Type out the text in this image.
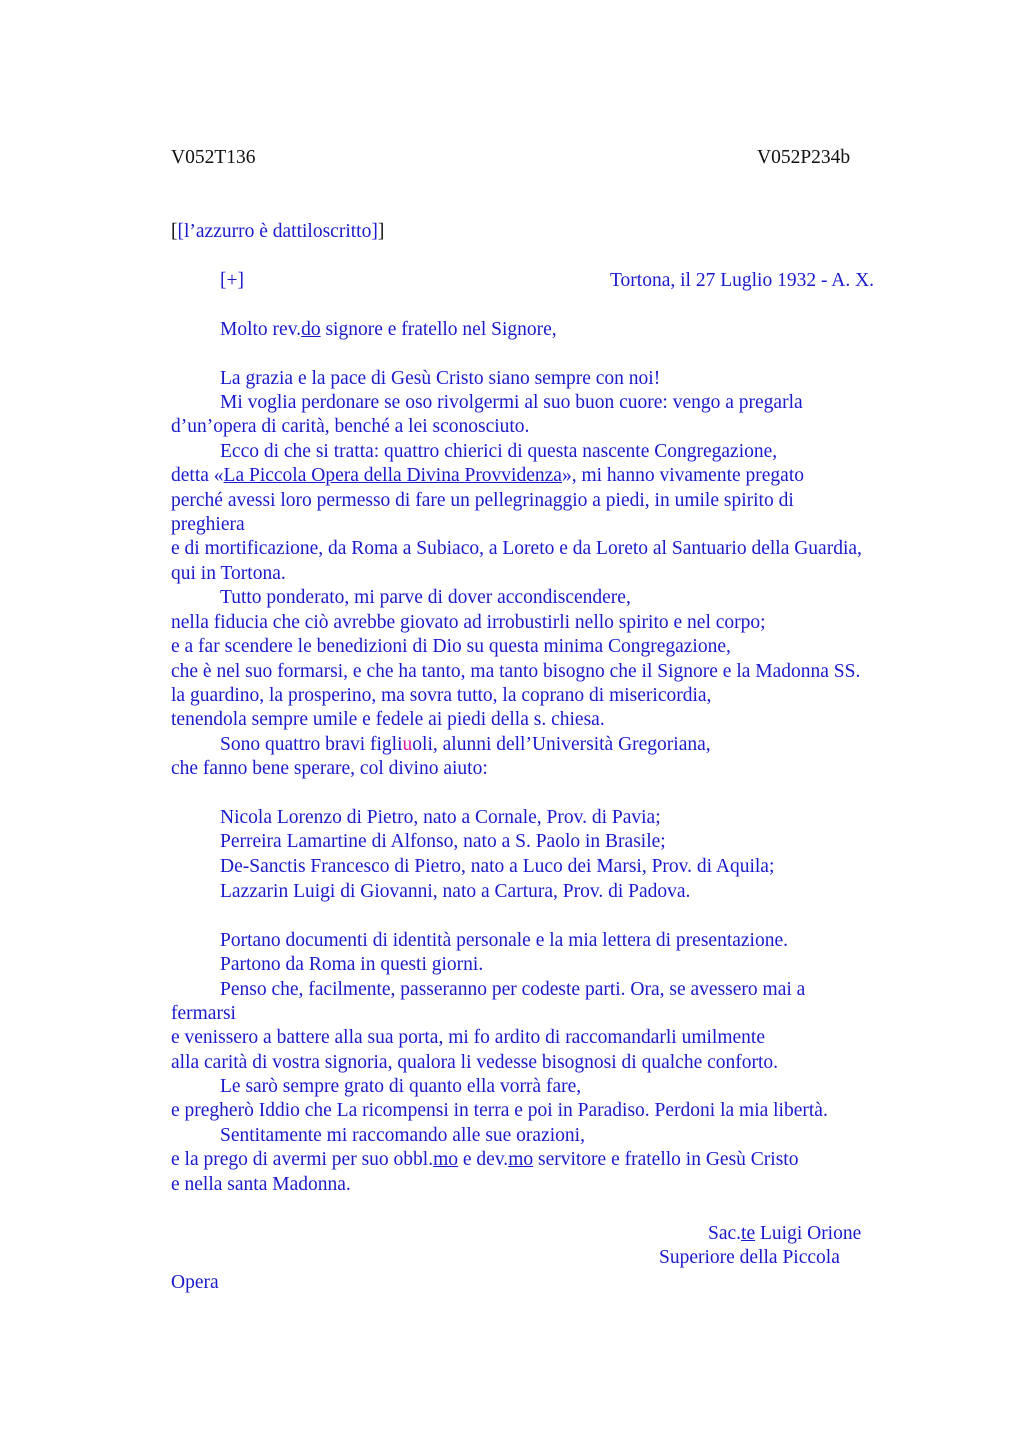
V052T136	V052P234b
[[l’azzurro è dattiloscritto]]
[+]	Tortona, il 27 Luglio 1932 - A. X.
Molto rev.do signore e fratello nel Signore,
La grazia e la pace di Gesù Cristo siano sempre con noi!
Mi voglia perdonare se oso rivolgermi al suo buon cuore: vengo a pregarla
d’un’opera di carità, benché a lei sconosciuto.
Ecco di che si tratta: quattro chierici di questa nascente Congregazione,
detta «La Piccola Opera della Divina Provvidenza», mi hanno vivamente pregato
perché avessi loro permesso di fare un pellegrinaggio a piedi, in umile spirito di
preghiera
e di mortificazione, da Roma a Subiaco, a Loreto e da Loreto al Santuario della Guardia,
qui in Tortona.
Tutto ponderato, mi parve di dover accondiscendere,
nella fiducia che ciò avrebbe giovato ad irrobustirli nello spirito e nel corpo;
e a far scendere le benedizioni di Dio su questa minima Congregazione,
che è nel suo formarsi, e che ha tanto, ma tanto bisogno che il Signore e la Madonna SS.
la guardino, la prosperino, ma sovra tutto, la coprano di misericordia,
tenendola sempre umile e fedele ai piedi della s. chiesa.
Sono quattro bravi figliuoli, alunni dell’Università Gregoriana,
che fanno bene sperare, col divino aiuto:
Nicola Lorenzo di Pietro, nato a Cornale, Prov. di Pavia;
Perreira Lamartine di Alfonso, nato a S. Paolo in Brasile;
De-Sanctis Francesco di Pietro, nato a Luco dei Marsi, Prov. di Aquila;
Lazzarin Luigi di Giovanni, nato a Cartura, Prov. di Padova.
Portano documenti di identità personale e la mia lettera di presentazione.
Partono da Roma in questi giorni.
Penso che, facilmente, passeranno per codeste parti. Ora, se avessero mai a
fermarsi
e venissero a battere alla sua porta, mi fo ardito di raccomandarli umilmente
alla carità di vostra signoria, qualora li vedesse bisognosi di qualche conforto.
Le sarò sempre grato di quanto ella vorrà fare,
e pregherò Iddio che La ricompensi in terra e poi in Paradiso. Perdoni la mia libertà.
Sentitamente mi raccomando alle sue orazioni,
e la prego di avermi per suo obbl.mo e dev.mo servitore e fratello in Gesù Cristo
e nella santa Madonna.
Sac.te Luigi Orione
Superiore della Piccola
Opera
